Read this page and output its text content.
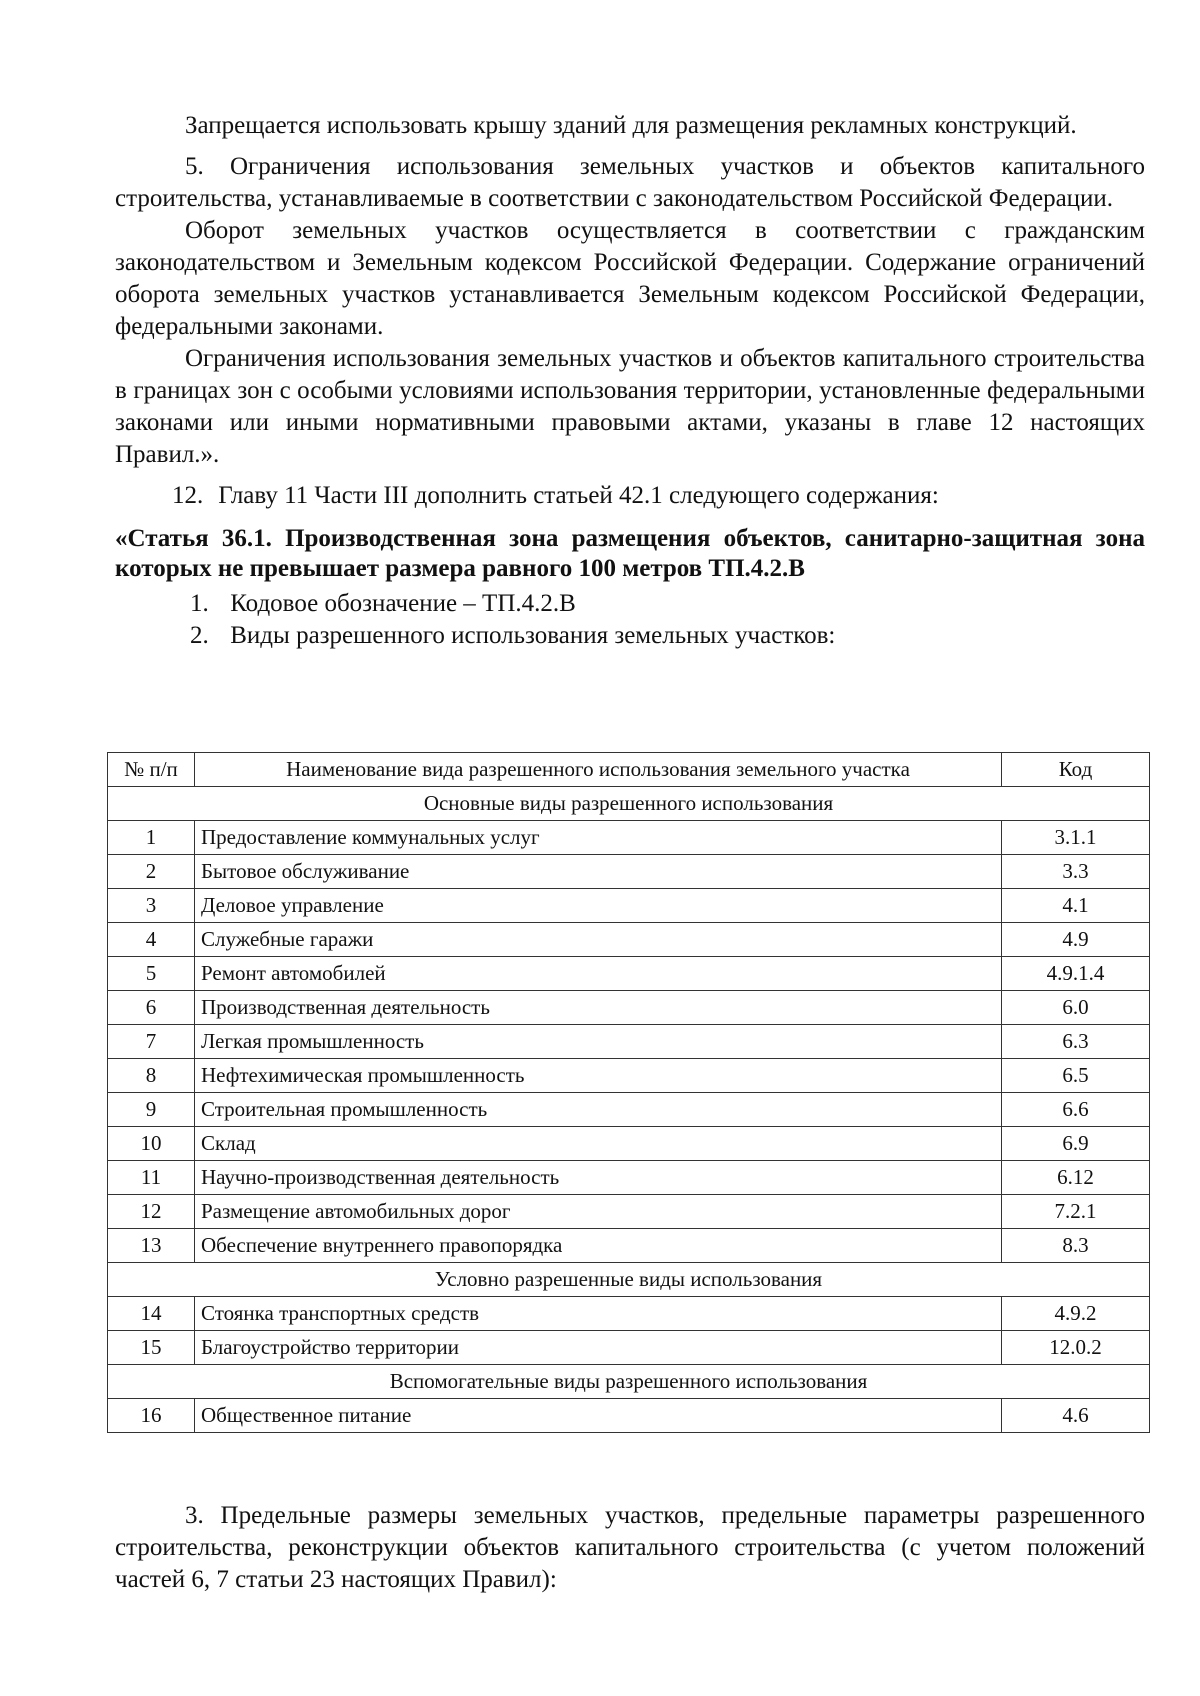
Запрещается использовать крышу зданий для размещения рекламных конструкций.

5. Ограничения использования земельных участков и объектов капитального строительства, устанавливаемые в соответствии с законодательством Российской Федерации.

Оборот земельных участков осуществляется в соответствии с гражданским законодательством и Земельным кодексом Российской Федерации. Содержание ограничений оборота земельных участков устанавливается Земельным кодексом Российской Федерации, федеральными законами.

Ограничения использования земельных участков и объектов капитального строительства в границах зон с особыми условиями использования территории, установленные федеральными законами или иными нормативными правовыми актами, указаны в главе 12 настоящих Правил.».

12. Главу 11 Части III дополнить статьей 42.1 следующего содержания:

«Статья 36.1. Производственная зона размещения объектов, санитарно-защитная зона которых не превышает размера равного 100 метров ТП.4.2.В

1. Кодовое обозначение – ТП.4.2.В

2. Виды разрешенного использования земельных участков:

№ п/п	Наименование вида разрешенного использования земельного участка	Код
Основные виды разрешенного использования		
1	Предоставление коммунальных услуг	3.1.1
2	Бытовое обслуживание	3.3
3	Деловое управление	4.1
4	Служебные гаражи	4.9
5	Ремонт автомобилей	4.9.1.4
6	Производственная деятельность	6.0
7	Легкая промышленность	6.3
8	Нефтехимическая промышленность	6.5
9	Строительная промышленность	6.6
10	Склад	6.9
11	Научно-производственная деятельность	6.12
12	Размещение автомобильных дорог	7.2.1
13	Обеспечение внутреннего правопорядка	8.3
Условно разрешенные виды использования		
14	Стоянка транспортных средств	4.9.2
15	Благоустройство территории	12.0.2
Вспомогательные виды разрешенного использования		
16	Общественное питание	4.6

3. Предельные размеры земельных участков, предельные параметры разрешенного строительства, реконструкции объектов капитального строительства (с учетом положений частей 6, 7 статьи 23 настоящих Правил):
